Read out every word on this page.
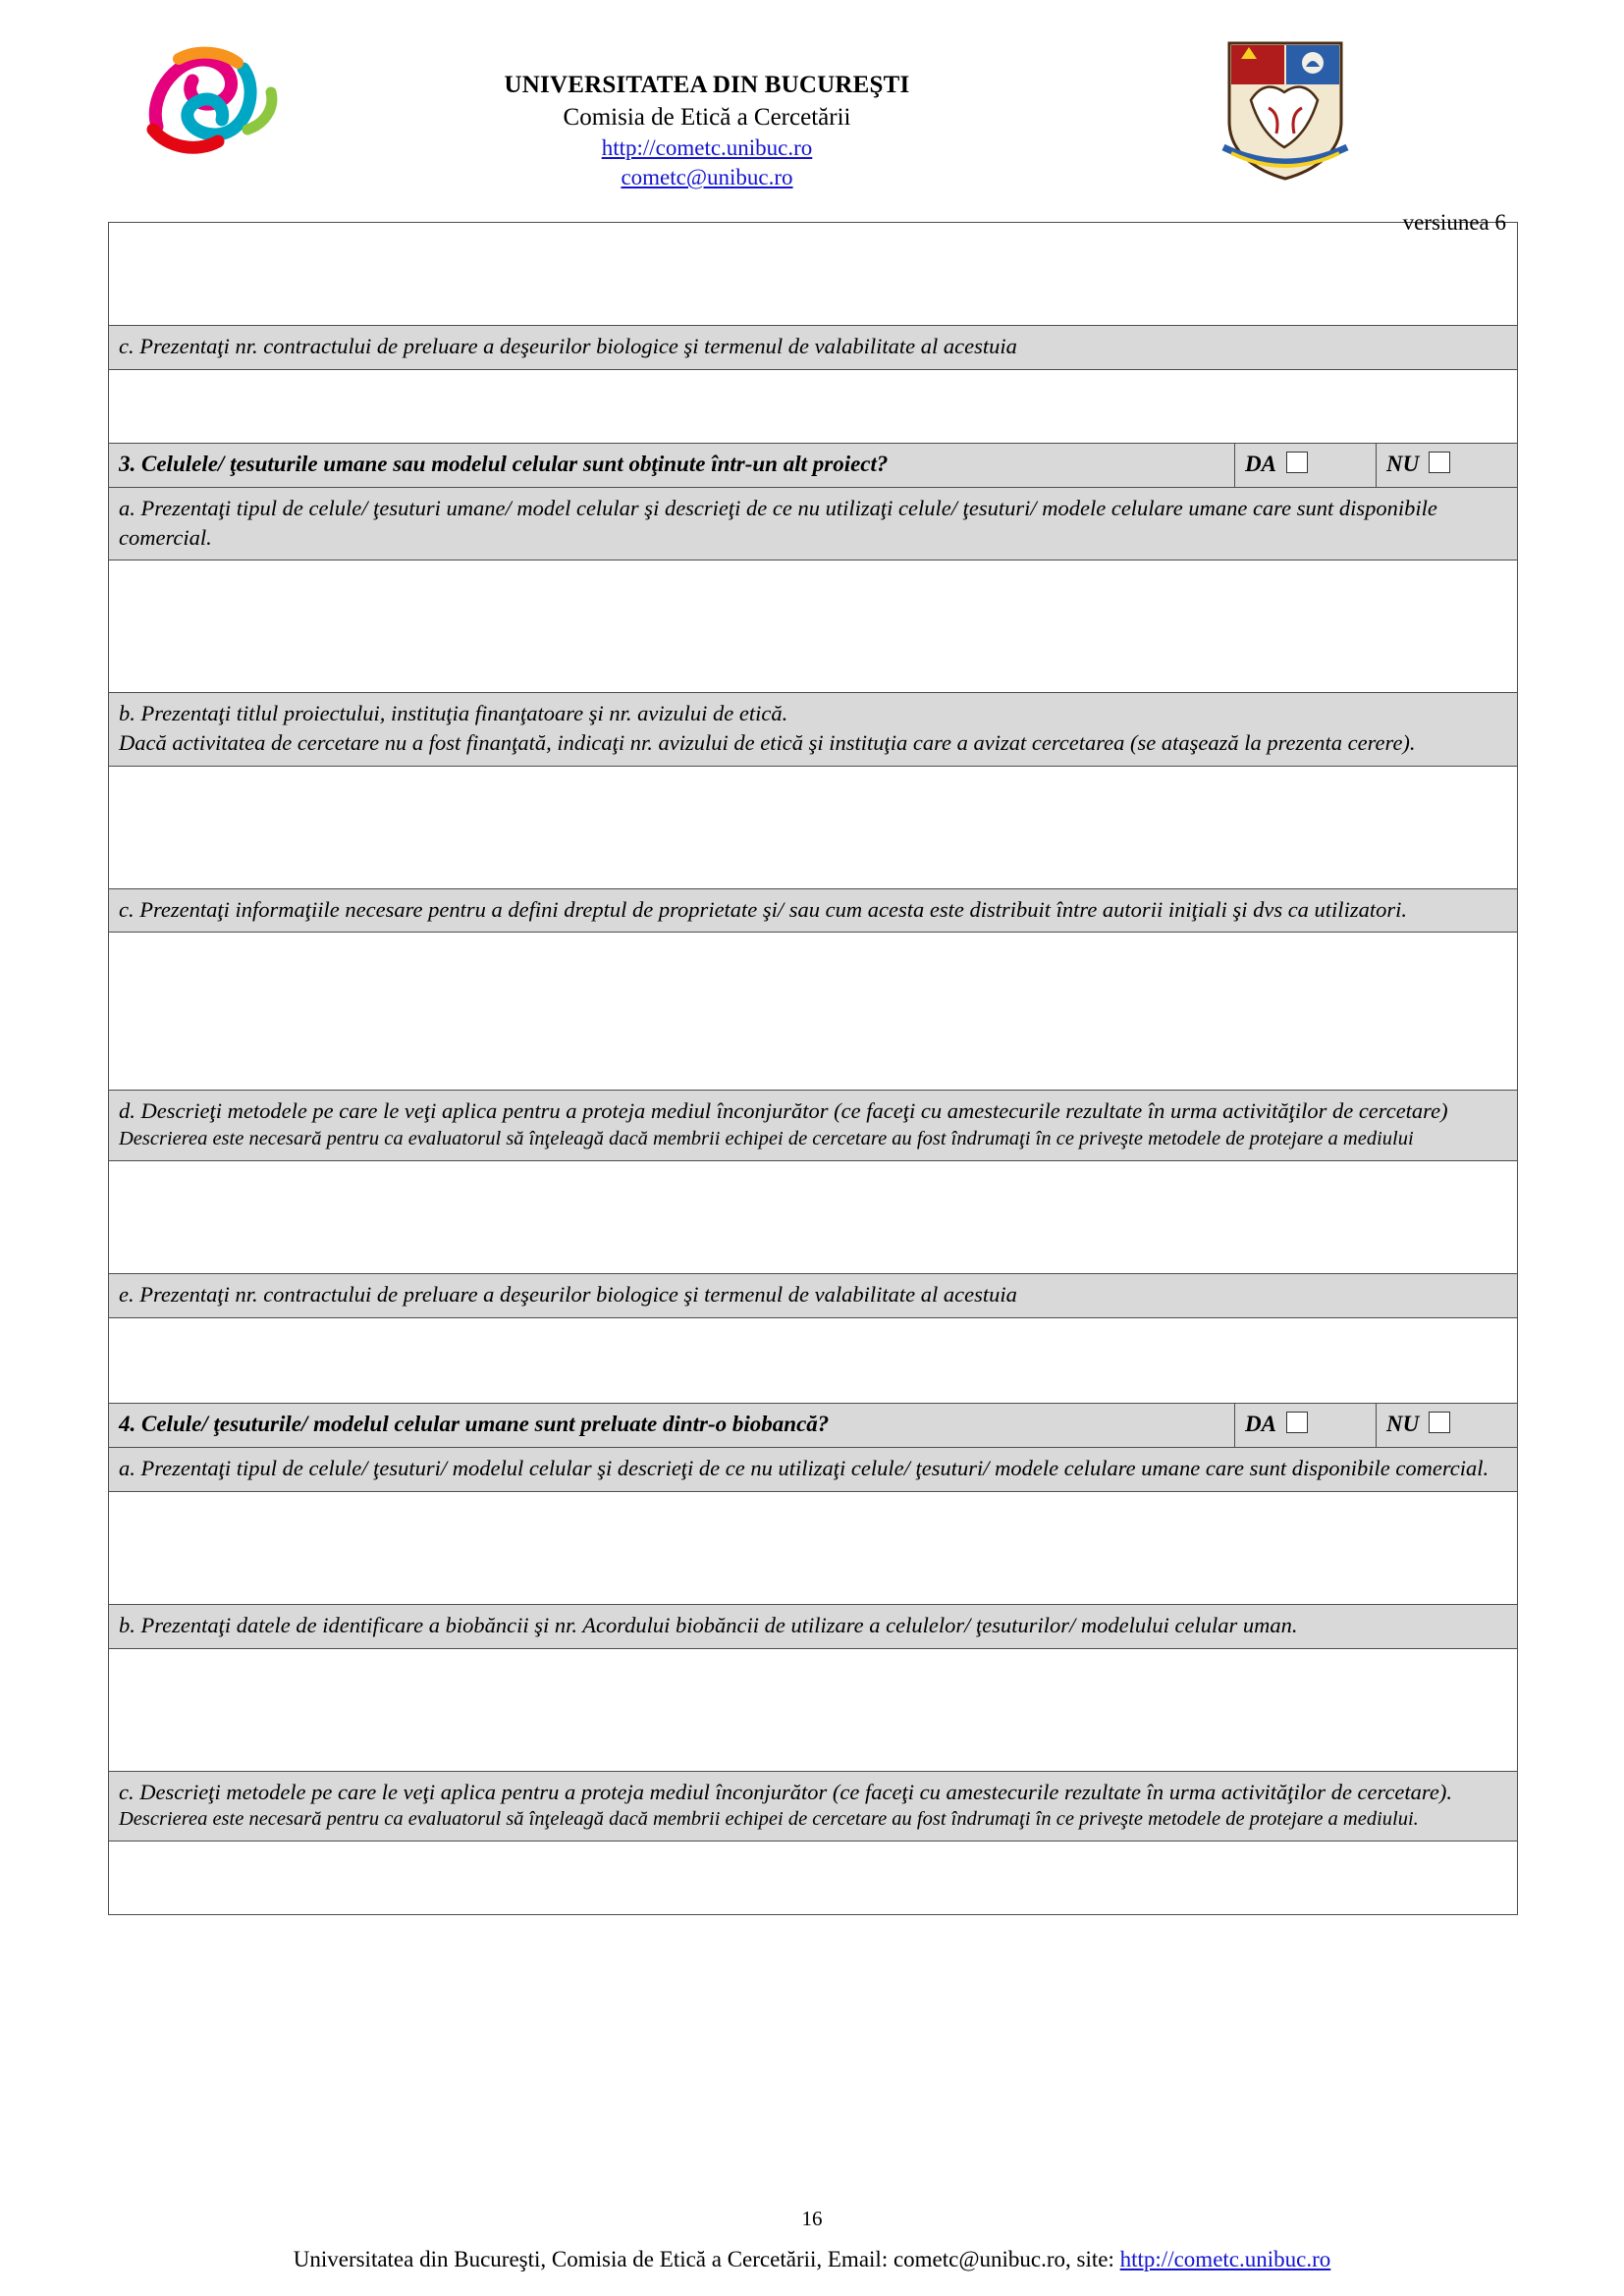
UNIVERSITATEA DIN BUCUREŞTI
Comisia de Etică a Cercetării
http://cometc.unibuc.ro
cometc@unibuc.ro
versiunea 6

c. Prezentaţi nr. contractului de preluare a deşeurilor biologice şi termenul de valabilitate al acestuia		

3. Celulele/ ţesuturile umane sau modelul celular sunt obţinute într-un alt proiect?	DA	NU
a. Prezentaţi tipul de celule/ ţesuturi umane/ model celular şi descrieţi de ce nu utilizaţi celule/ ţesuturi/ modele celulare umane care sunt disponibile comercial.		

b. Prezentaţi titlul proiectului, instituţia finanţatoare şi nr. avizului de etică.
Dacă activitatea de cercetare nu a fost finanţată, indicaţi nr. avizului de etică şi instituţia care a avizat cercetarea (se ataşează la prezenta cerere).		

c. Prezentaţi informaţiile necesare pentru a defini dreptul de proprietate şi/ sau cum acesta este distribuit între autorii iniţiali şi dvs ca utilizatori.		

d. Descrieţi metodele pe care le veţi aplica pentru a proteja mediul înconjurător (ce faceţi cu amestecurile rezultate în urma activităţilor de cercetare)
Descrierea este necesară pentru ca evaluatorul să înţeleagă dacă membrii echipei de cercetare au fost îndrumaţi în ce priveşte metodele de protejare a mediului		

e. Prezentaţi nr. contractului de preluare a deşeurilor biologice şi termenul de valabilitate al acestuia		

4. Celule/ ţesuturile/ modelul celular umane sunt preluate dintr-o biobancă?	DA	NU
a. Prezentaţi tipul de celule/ ţesuturi/ modelul celular şi descrieţi de ce nu utilizaţi celule/ ţesuturi/ modele celulare umane care sunt disponibile comercial.		

b. Prezentaţi datele de identificare a biobăncii şi nr. Acordului biobăncii de utilizare a celulelor/ ţesuturilor/ modelului celular uman.		

c. Descrieţi metodele pe care le veţi aplica pentru a proteja mediul înconjurător (ce faceţi cu amestecurile rezultate în urma activităţilor de cercetare).
Descrierea este necesară pentru ca evaluatorul să înţeleagă dacă membrii echipei de cercetare au fost îndrumaţi în ce priveşte metodele de protejare a mediului.		

16
Universitatea din Bucureşti, Comisia de Etică a Cercetării, Email: cometc@unibuc.ro, site: http://cometc.unibuc.ro
